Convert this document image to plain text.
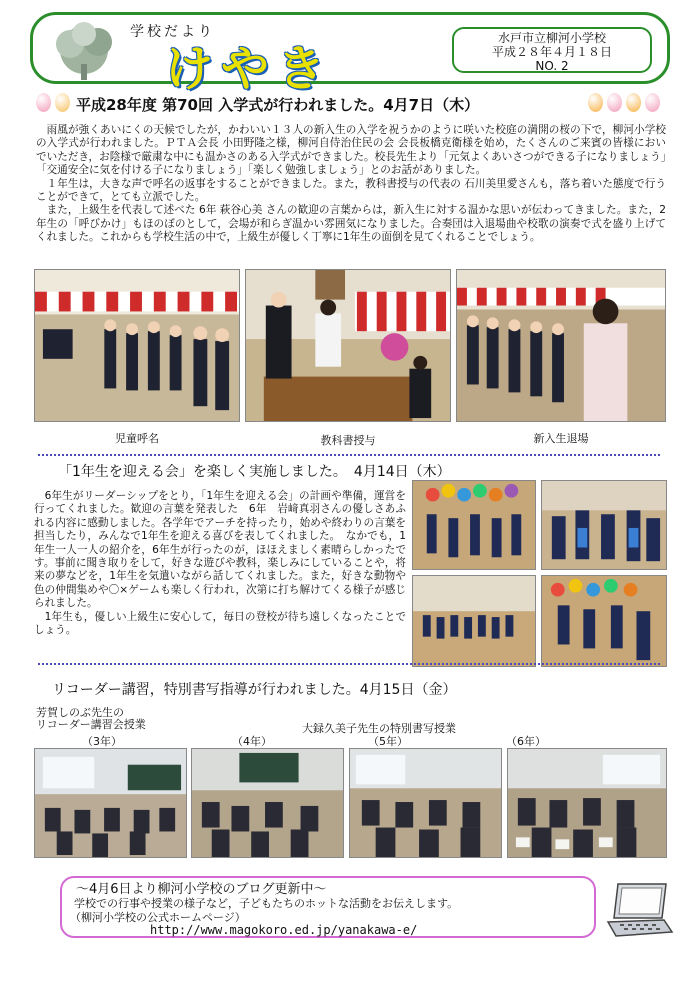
学校だより
けやき
水戸市立柳河小学校
平成２８年４月１８日
NO. 2
平成28年度 第70回 入学式が行われました。4月7日（木）
雨風が強くあいにくの天候でしたが，かわいい１３人の新入生の入学を祝うかのように咲いた校庭の満開の桜の下で，柳河小学校の入学式が行われました。ＰＴＡ会長 小田野隆之様，柳河自侍治住民の会 会長板橋克衛様を始め，たくさんのご来賓の皆様においでいただき，お陰様で厳粛な中にも温かさのある入学式ができました。校長先生より「元気よくあいさつができる子になりましょう」「交通安全に気を付ける子になりましょう」「楽しく勉強しましょう」とのお話がありました。
１年生は，大きな声で呼名の返事をすることができました。また，教科書授与の代表の 石川美里愛さんも，落ち着いた態度で行うことができて，とても立派でした。
また，上級生を代表して述べた 6年 萩谷心美 さんの歓迎の言葉からは，新入生に対する温かな思いが伝わってきました。また，2年生の「呼びかけ」もほのぼのとして，会場が和らぎ温かい雰囲気になりました。合奏団は入退場曲や校歌の演奏で式を盛り上げてくれました。これからも学校生活の中で，上級生が優しく丁寧に1年生の面倒を見てくれることでしょう。
児童呼名	教科書授与	新入生退場
「1年生を迎える会」を楽しく実施しました。　4月14日（木）
6年生がリーダーシップをとり，「1年生を迎える会」の計画や準備，運営を行ってくれました。歓迎の言葉を発表した　6年　岩﨑真羽さんの優しさあふれる内容に感動しました。各学年でアーチを持ったり，始めや終わりの言葉を担当したり，みんなで1年生を迎える喜びを表してくれました。　なかでも，1年生一人一人の紹介を，6年生が行ったのが，ほほえましく素晴らしかったです。事前に聞き取りをして，好きな遊びや教科，楽しみにしていることや，将来の夢などを，1年生を気遣いながら話してくれました。また，好きな動物や色の仲間集めや〇×ゲームも楽しく行われ，次第に打ち解けてくる様子が感じられました。
1年生も，優しい上級生に安心して，毎日の登校が待ち遠しくなったことでしょう。
リコーダー講習，特別書写指導が行われました。4月15日（金）
芳賀しのぶ先生の
リコーダー講習会授業	大録久美子先生の特別書写授業
（3年）	（4年）	（5年）	（6年）
～4月6日より柳河小学校のブログ更新中～
学校での行事や授業の様子など，子どもたちのホットな活動をお伝えします。
（柳河小学校の公式ホームページ）
http://www.magokoro.ed.jp/yanakawa-e/
